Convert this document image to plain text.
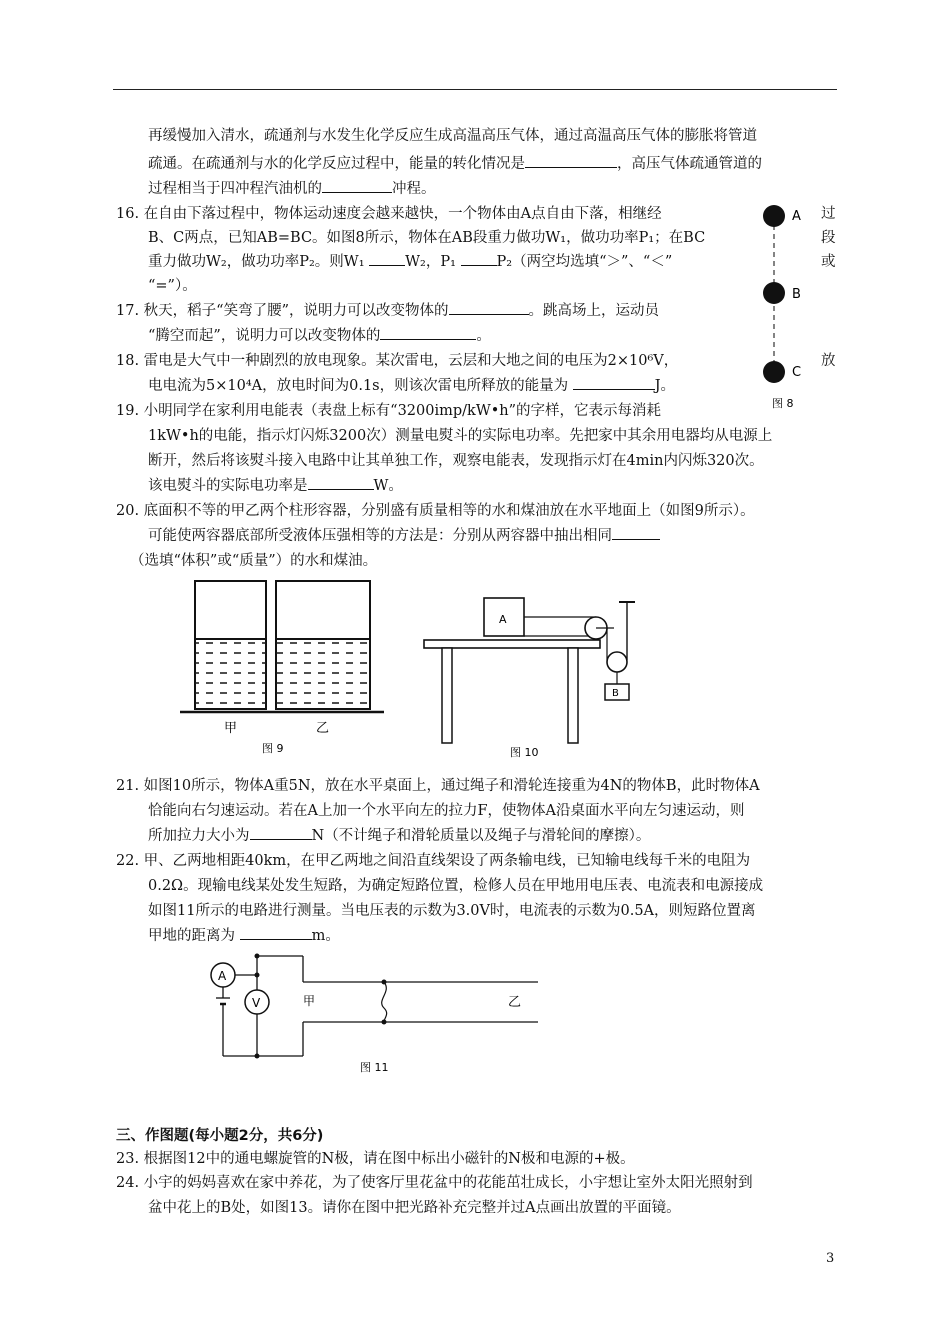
再缓慢加入清水，疏通剂与水发生化学反应生成高温高压气体，通过高温高压气体的膨胀将管道
疏通。在疏通剂与水的化学反应过程中，能量的转化情况是	，高压气体疏通管道的
过程相当于四冲程汽油机的	冲程。
16. 在自由下落过程中，物体运动速度会越来越快，一个物体由A点自由下落，相继经	过
B、C两点，已知AB=BC。如图8所示，物体在AB段重力做功W₁，做功功率P₁；在BC	段
重力做功W₂，做功功率P₂。则W₁	W₂，P₁	P₂（两空均选填“＞”、“＜”	或
“=”）。
A
B
C
图 8
17. 秋天，稻子“笑弯了腰”，说明力可以改变物体的	。跳高场上，运动员
“腾空而起”，说明力可以改变物体的	。
18. 雷电是大气中一种剧烈的放电现象。某次雷电，云层和大地之间的电压为2×10⁶V，	放
电电流为5×10⁴A，放电时间为0.1s，则该次雷电所释放的能量为	J。
19. 小明同学在家利用电能表（表盘上标有“3200imp/kW•h”的字样，它表示每消耗
1kW•h的电能，指示灯闪烁3200次）测量电熨斗的实际电功率。先把家中其余用电器均从电源上
断开，然后将该熨斗接入电路中让其单独工作，观察电能表，发现指示灯在4min内闪烁320次。
该电熨斗的实际电功率是	W。
20. 底面积不等的甲乙两个柱形容器，分别盛有质量相等的水和煤油放在水平地面上（如图9所示）。
可能使两容器底部所受液体压强相等的方法是：分别从两容器中抽出相同
（选填“体积”或“质量”）的水和煤油。
甲	乙
图 9
A
B
图 10
21. 如图10所示，物体A重5N，放在水平桌面上，通过绳子和滑轮连接重为4N的物体B，此时物体A
恰能向右匀速运动。若在A上加一个水平向左的拉力F，使物体A沿桌面水平向左匀速运动，则
所加拉力大小为	N（不计绳子和滑轮质量以及绳子与滑轮间的摩擦）。
22. 甲、乙两地相距40km，在甲乙两地之间沿直线架设了两条输电线，已知输电线每千米的电阻为
0.2Ω。现输电线某处发生短路，为确定短路位置，检修人员在甲地用电压表、电流表和电源接成
如图11所示的电路进行测量。当电压表的示数为3.0V时，电流表的示数为0.5A，则短路位置离
甲地的距离为	m。
A
V	甲	乙
图 11
三、作图题(每小题2分，共6分)
23. 根据图12中的通电螺旋管的N极，请在图中标出小磁针的N极和电源的+极。
24. 小宇的妈妈喜欢在家中养花，为了使客厅里花盆中的花能茁壮成长，小宇想让室外太阳光照射到
盆中花上的B处，如图13。请你在图中把光路补充完整并过A点画出放置的平面镜。
3
